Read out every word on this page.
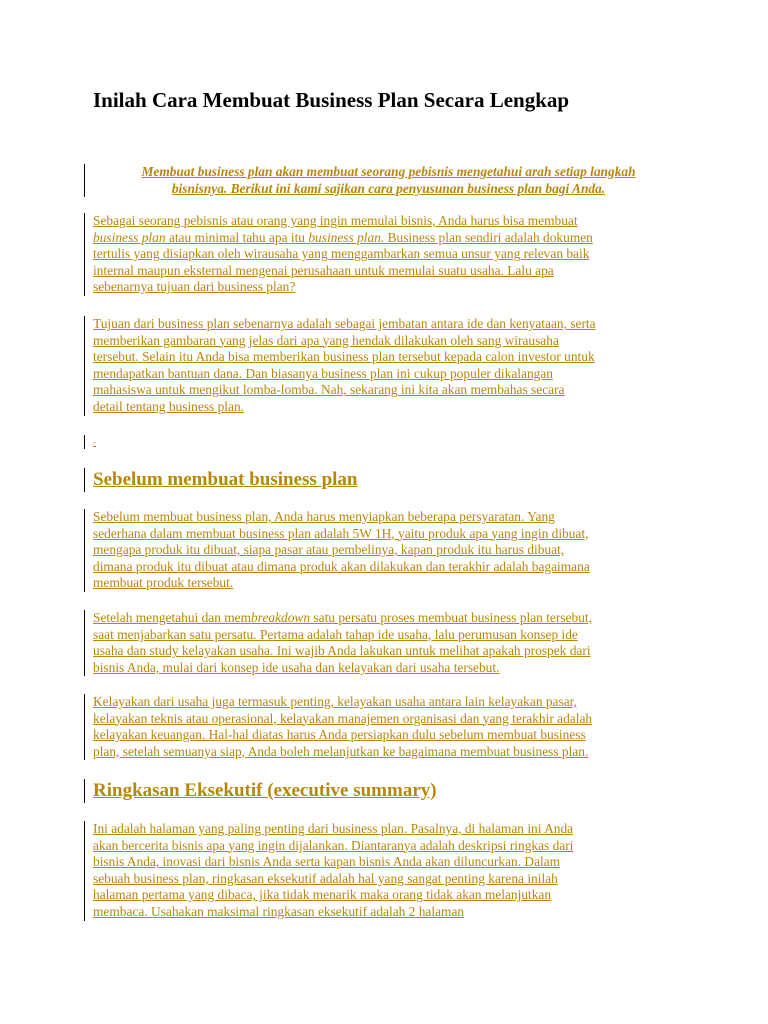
Inilah Cara Membuat Business Plan Secara Lengkap

Membuat business plan akan membuat seorang pebisnis mengetahui arah setiap langkah
bisnisnya. Berikut ini kami sajikan cara penyusunan business plan bagi Anda.

Sebagai seorang pebisnis atau orang yang ingin memulai bisnis, Anda harus bisa membuat
business plan atau minimal tahu apa itu business plan. Business plan sendiri adalah dokumen
tertulis yang disiapkan oleh wirausaha yang menggambarkan semua unsur yang relevan baik
internal maupun eksternal mengenai perusahaan untuk memulai suatu usaha. Lalu apa
sebenarnya tujuan dari business plan?

Tujuan dari business plan sebenarnya adalah sebagai jembatan antara ide dan kenyataan, serta
memberikan gambaran yang jelas dari apa yang hendak dilakukan oleh sang wirausaha
tersebut. Selain itu Anda bisa memberikan business plan tersebut kepada calon investor untuk
mendapatkan bantuan dana. Dan biasanya business plan ini cukup populer dikalangan
mahasiswa untuk mengikut lomba-lomba. Nah, sekarang ini kita akan membahas secara
detail tentang business plan.

-

Sebelum membuat business plan

Sebelum membuat business plan, Anda harus menyiapkan beberapa persyaratan. Yang
sederhana dalam membuat business plan adalah 5W 1H, yaitu produk apa yang ingin dibuat,
mengapa produk itu dibuat, siapa pasar atau pembelinya, kapan produk itu harus dibuat,
dimana produk itu dibuat atau dimana produk akan dilakukan dan terakhir adalah bagaimana
membuat produk tersebut.

Setelah mengetahui dan membreakdown satu persatu proses membuat business plan tersebut,
saat menjabarkan satu persatu. Pertama adalah tahap ide usaha, lalu perumusan konsep ide
usaha dan study kelayakan usaha. Ini wajib Anda lakukan untuk melihat apakah prospek dari
bisnis Anda, mulai dari konsep ide usaha dan kelayakan dari usaha tersebut.

Kelayakan dari usaha juga termasuk penting, kelayakan usaha antara lain kelayakan pasar,
kelayakan teknis atau operasional, kelayakan manajemen organisasi dan yang terakhir adalah
kelayakan keuangan. Hal-hal diatas harus Anda persiapkan dulu sebelum membuat business
plan, setelah semuanya siap, Anda boleh melanjutkan ke bagaimana membuat business plan.

Ringkasan Eksekutif (executive summary)

Ini adalah halaman yang paling penting dari business plan. Pasalnya, di halaman ini Anda
akan bercerita bisnis apa yang ingin dijalankan. Diantaranya adalah deskripsi ringkas dari
bisnis Anda, inovasi dari bisnis Anda serta kapan bisnis Anda akan diluncurkan. Dalam
sebuah business plan, ringkasan eksekutif adalah hal yang sangat penting karena inilah
halaman pertama yang dibaca, jika tidak menarik maka orang tidak akan melanjutkan
membaca. Usahakan maksimal ringkasan eksekutif adalah 2 halaman
